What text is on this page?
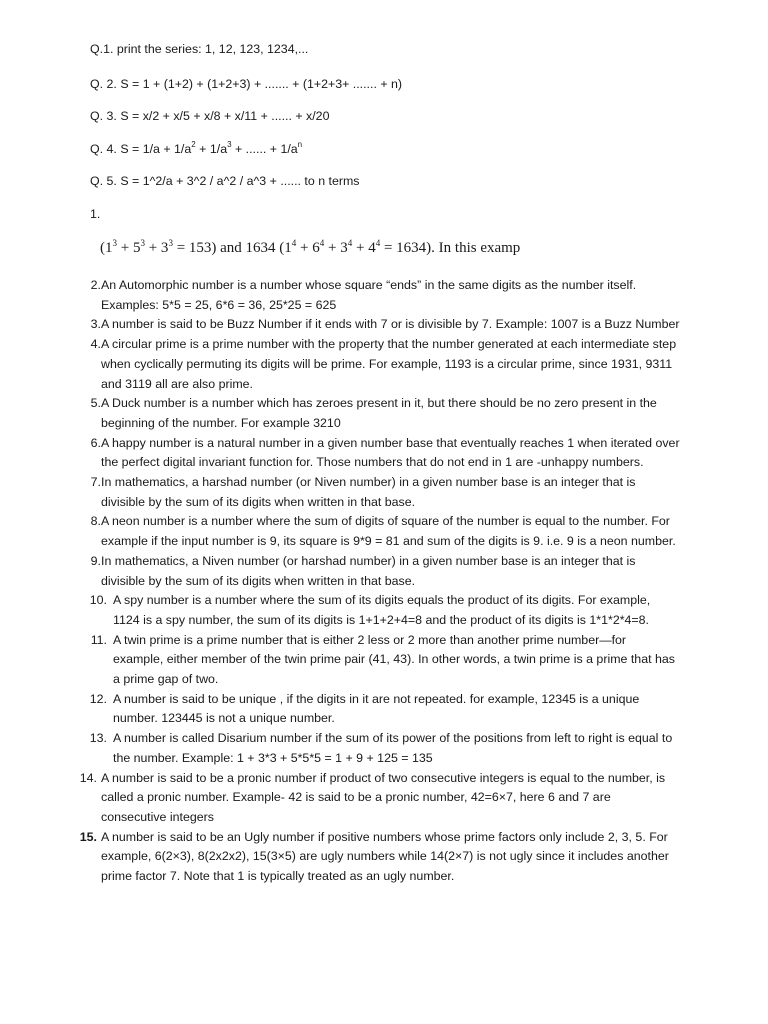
Q.1. print the series: 1, 12, 123, 1234,...
Q. 2. S = 1 + (1+2) + (1+2+3) + ....... + (1+2+3+ ....... + n)
Q. 3. S = x/2 + x/5 + x/8 + x/11 + ...... + x/20
Q. 4. $S = 1/a + 1/a^2 + 1/a^3$ + ...... + $1/a^n$
Q. 5. S = 1^2/a + 3^2 / a^2 / a^3 + ...... to n terms
1.
$(1^3 + 5^3 + 3^3 = 153)$ and 1634 $(1^4 + 6^4 + 3^4 + 4^4 = 1634)$. In this examp
2. An Automorphic number is a number whose square “ends” in the same digits as the number itself. Examples: 5*5 = 25, 6*6 = 36, 25*25 = 625
3. A number is said to be Buzz Number if it ends with 7 or is divisible by 7. Example: 1007 is a Buzz Number
4. A circular prime is a prime number with the property that the number generated at each intermediate step when cyclically permuting its digits will be prime. For example, 1193 is a circular prime, since 1931, 9311 and 3119 all are also prime.
5. A Duck number is a number which has zeroes present in it, but there should be no zero present in the beginning of the number. For example 3210
6. A happy number is a natural number in a given number base that eventually reaches 1 when iterated over the perfect digital invariant function for. Those numbers that do not end in 1 are -unhappy numbers.
7. In mathematics, a harshad number (or Niven number) in a given number base is an integer that is divisible by the sum of its digits when written in that base.
8. A neon number is a number where the sum of digits of square of the number is equal to the number. For example if the input number is 9, its square is 9*9 = 81 and sum of the digits is 9. i.e. 9 is a neon number.
9. In mathematics, a Niven number (or harshad number) in a given number base is an integer that is divisible by the sum of its digits when written in that base.
10. A spy number is a number where the sum of its digits equals the product of its digits. For example, 1124 is a spy number, the sum of its digits is 1+1+2+4=8 and the product of its digits is 1*1*2*4=8.
11. A twin prime is a prime number that is either 2 less or 2 more than another prime number—for example, either member of the twin prime pair (41, 43). In other words, a twin prime is a prime that has a prime gap of two.
12. A number is said to be unique , if the digits in it are not repeated. for example, 12345 is a unique number. 123445 is not a unique number.
13. A number is called Disarium number if the sum of its power of the positions from left to right is equal to the number. Example: 1 + 3*3 + 5*5*5 = 1 + 9 + 125 = 135
14. A number is said to be a pronic number if product of two consecutive integers is equal to the number, is called a pronic number. Example- 42 is said to be a pronic number, 42=6×7, here 6 and 7 are consecutive integers
15. A number is said to be an Ugly number if positive numbers whose prime factors only include 2, 3, 5. For example, 6(2×3), 8(2x2x2), 15(3×5) are ugly numbers while 14(2×7) is not ugly since it includes another prime factor 7. Note that 1 is typically treated as an ugly number.
